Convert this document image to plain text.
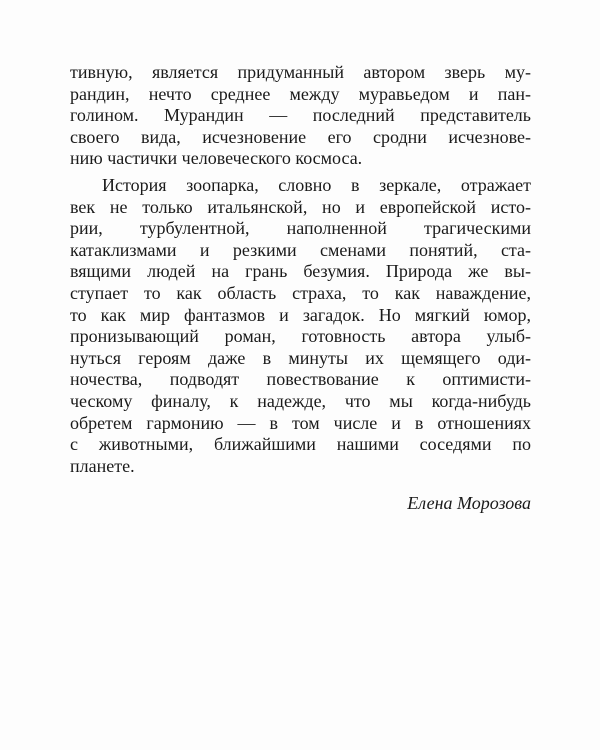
тивную, является придуманный автором зверь му-
рандин, нечто среднее между муравьедом и пан-
голином. Мурандин — последний представитель
своего вида, исчезновение его сродни исчезнове-
нию частички человеческого космоса.
История зоопарка, словно в зеркале, отражает
век не только итальянской, но и европейской исто-
рии, турбулентной, наполненной трагическими
катаклизмами и резкими сменами понятий, ста-
вящими людей на грань безумия. Природа же вы-
ступает то как область страха, то как наваждение,
то как мир фантазмов и загадок. Но мягкий юмор,
пронизывающий роман, готовность автора улыб-
нуться героям даже в минуты их щемящего оди-
ночества, подводят повествование к оптимисти-
ческому финалу, к надежде, что мы когда-нибудь
обретем гармонию — в том числе и в отношениях
с животными, ближайшими нашими соседями по
планете.
Елена Морозова
